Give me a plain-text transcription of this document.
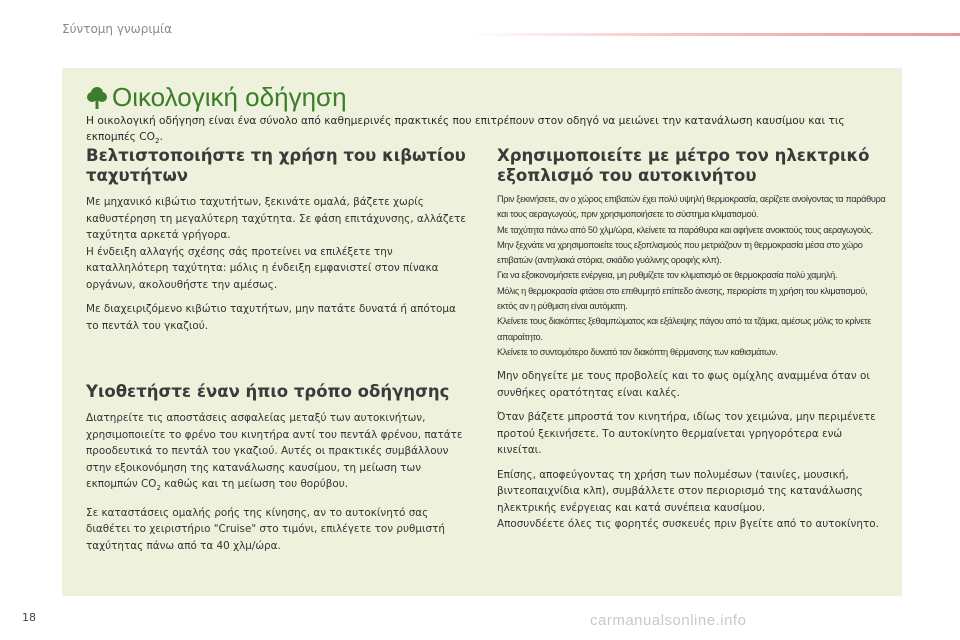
Σύντομη γνωριμία
Οικολογική οδήγηση
Η οικολογική οδήγηση είναι ένα σύνολο από καθημερινές πρακτικές που επιτρέπουν στον οδηγό να μειώνει την κατανάλωση καυσίμου και τις εκπομπές $CO_2$.
Βελτιστοποιήστε τη χρήση του κιβωτίου ταχυτήτων

Με μηχανικό κιβώτιο ταχυτήτων, ξεκινάτε ομαλά, βάζετε χωρίς καθυστέρηση τη μεγαλύτερη ταχύτητα. Σε φάση επιτάχυνσης, αλλάζετε ταχύτητα αρκετά γρήγορα.
Η ένδειξη αλλαγής σχέσης σάς προτείνει να επιλέξετε την καταλληλότερη ταχύτητα: μόλις η ένδειξη εμφανιστεί στον πίνακα οργάνων, ακολουθήστε την αμέσως.

Με διαχειριζόμενο κιβώτιο ταχυτήτων, μην πατάτε δυνατά ή απότομα το πεντάλ του γκαζιού.

Υιοθετήστε έναν ήπιο τρόπο οδήγησης

Διατηρείτε τις αποστάσεις ασφαλείας μεταξύ των αυτοκινήτων, χρησιμοποιείτε το φρένο του κινητήρα αντί του πεντάλ φρένου, πατάτε προοδευτικά το πεντάλ του γκαζιού. Αυτές οι πρακτικές συμβάλλουν στην εξοικονόμηση της κατανάλωσης καυσίμου, τη μείωση των εκπομπών $CO_2$ καθώς και τη μείωση του θορύβου.

Σε καταστάσεις ομαλής ροής της κίνησης, αν το αυτοκίνητό σας διαθέτει το χειριστήριο "Cruise" στο τιμόνι, επιλέγετε τον ρυθμιστή ταχύτητας πάνω από τα 40 χλμ/ώρα.

Χρησιμοποιείτε με μέτρο τον ηλεκτρικό εξοπλισμό του αυτοκινήτου

Πριν ξεκινήσετε, αν ο χώρος επιβατών έχει πολύ υψηλή θερμοκρασία, αερίζετε ανοίγοντας τα παράθυρα και τους αεραγωγούς, πριν χρησιμοποιήσετε το σύστημα κλιματισμού.

Με ταχύτητα πάνω από 50 χλμ/ώρα, κλείνετε τα παράθυρα και αφήνετε ανοικτούς τους αεραγωγούς.

Μην ξεχνάτε να χρησιμοποιείτε τους εξοπλισμούς που μετριάζουν τη θερμοκρασία μέσα στο χώρο επιβατών (αντηλιακά στόρια, σκιάδιο γυάλινης οροφής κλπ).

Για να εξοικονομήσετε ενέργεια, μη ρυθμίζετε τον κλιματισμό σε θερμοκρασία πολύ χαμηλή.

Μόλις η θερμοκρασία φτάσει στο επιθυμητό επίπεδο άνεσης, περιορίστε τη χρήση του κλιματισμού, εκτός αν η ρύθμιση είναι αυτόματη.

Κλείνετε τους διακόπτες ξεθαμπώματος και εξάλειψης πάγου από τα τζάμια, αμέσως μόλις το κρίνετε απαραίτητο.

Κλείνετε το συντομότερο δυνατό τον διακόπτη θέρμανσης των καθισμάτων.

Μην οδηγείτε με τους προβολείς και το φως ομίχλης αναμμένα όταν οι συνθήκες ορατότητας είναι καλές.

Όταν βάζετε μπροστά τον κινητήρα, ιδίως τον χειμώνα, μην περιμένετε προτού ξεκινήσετε. Το αυτοκίνητο θερμαίνεται γρηγορότερα ενώ κινείται.

Επίσης, αποφεύγοντας τη χρήση των πολυμέσων (ταινίες, μουσική, βιντεοπαιχνίδια κλπ), συμβάλλετε στον περιορισμό της κατανάλωσης ηλεκτρικής ενέργειας και κατά συνέπεια καυσίμου.
Αποσυνδέετε όλες τις φορητές συσκευές πριν βγείτε από το αυτοκίνητο.

18	carmanualsonline.info
